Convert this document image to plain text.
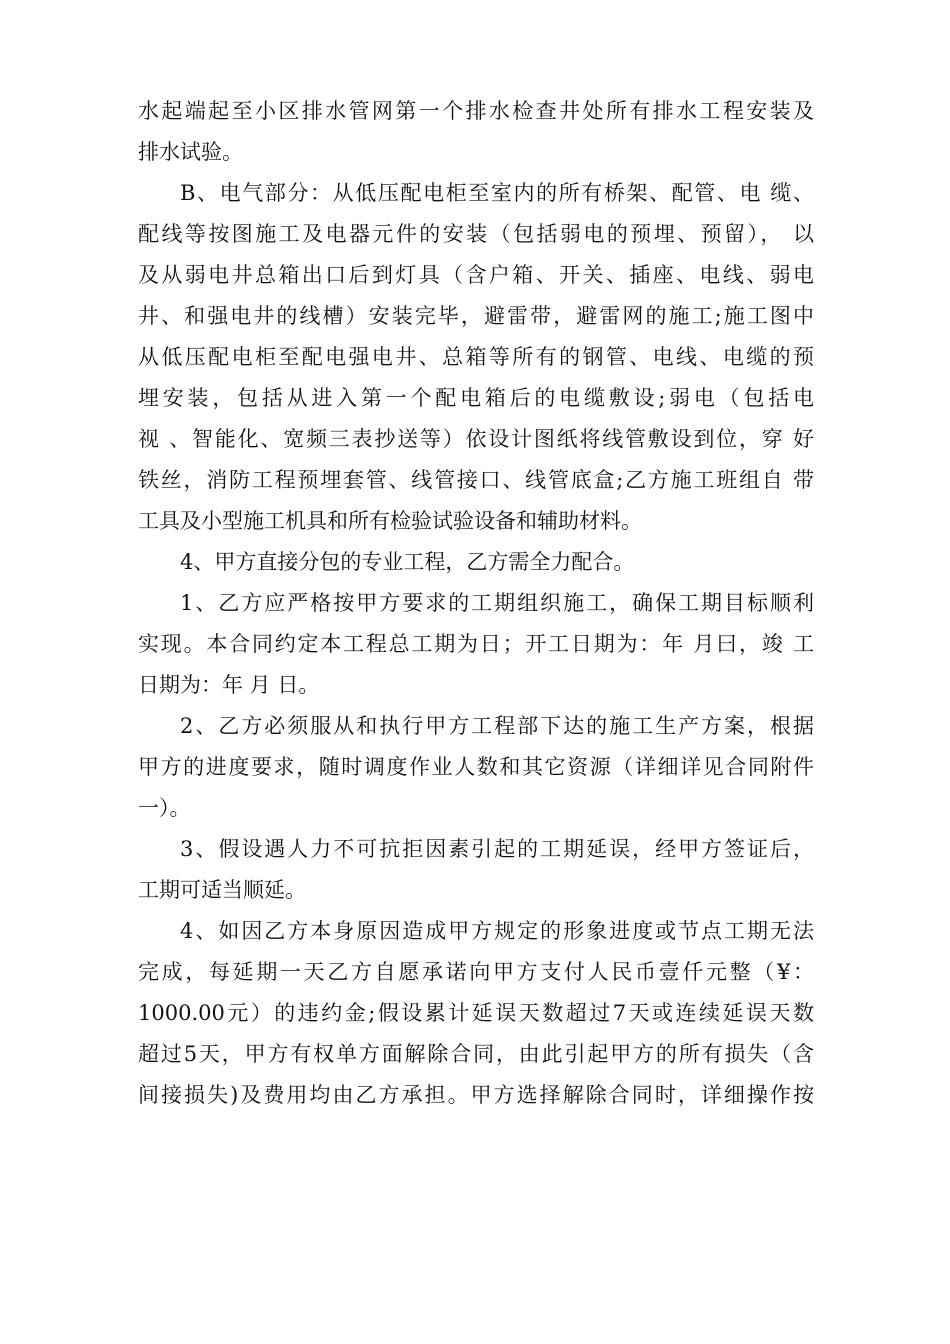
水起端起至小区排水管网第一个排水检查井处所有排水工程安装及
排水试验。
B、电气部分：从低压配电柜至室内的所有桥架、配管、电 缆、
配线等按图施工及电器元件的安装（包括弱电的预埋、预留）， 以
及从弱电井总箱出口后到灯具（含户箱、开关、插座、电线、弱电
井、和强电井的线槽）安装完毕，避雷带，避雷网的施工;施工图中
从低压配电柜至配电强电井、总箱等所有的钢管、电线、电缆的预
埋安装，包括从进入第一个配电箱后的电缆敷设;弱电（包括电
视 、智能化、宽频三表抄送等）依设计图纸将线管敷设到位，穿 好
铁丝，消防工程预埋套管、线管接口、线管底盒;乙方施工班组自 带
工具及小型施工机具和所有检验试验设备和辅助材料。
4、甲方直接分包的专业工程，乙方需全力配合。
1、乙方应严格按甲方要求的工期组织施工，确保工期目标顺利
实现。本合同约定本工程总工期为日；开工日期为：年 月曰，竣 工
日期为：年 月 日。
2、乙方必须服从和执行甲方工程部下达的施工生产方案，根据
甲方的进度要求，随时调度作业人数和其它资源（详细详见合同附件
一）。
3、假设遇人力不可抗拒因素引起的工期延误，经甲方签证后，
工期可适当顺延。
4、如因乙方本身原因造成甲方规定的形象进度或节点工期无法
完成，每延期一天乙方自愿承诺向甲方支付人民币壹仟元整（¥：
1000.00元）的违约金;假设累计延误天数超过7天或连续延误天数
超过5天，甲方有权单方面解除合同，由此引起甲方的所有损失（含
间接损失)及费用均由乙方承担。甲方选择解除合同时，详细操作按
